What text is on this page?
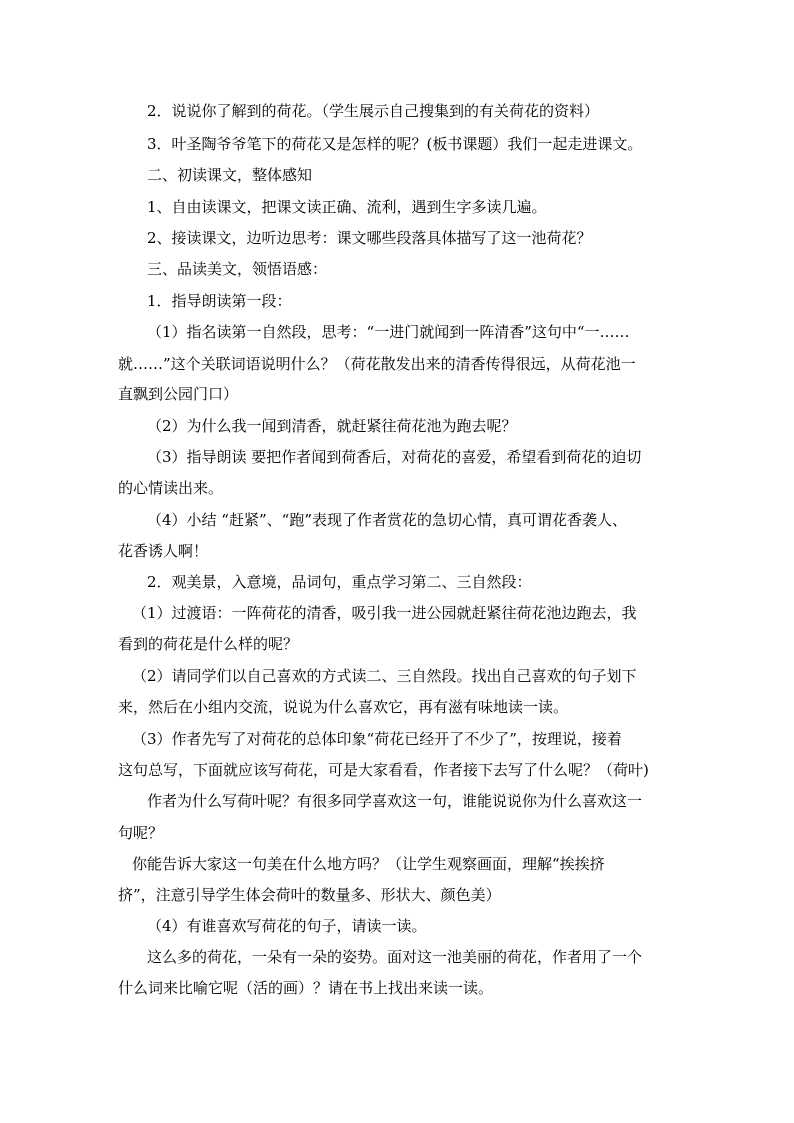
2．说说你了解到的荷花。（学生展示自己搜集到的有关荷花的资料）
3．叶圣陶爷爷笔下的荷花又是怎样的呢？(板书课题）我们一起走进课文。
二、初读课文，整体感知
1、自由读课文，把课文读正确、流利，遇到生字多读几遍。
2、接读课文，边听边思考：课文哪些段落具体描写了这一池荷花？
三、品读美文，领悟语感：
1．指导朗读第一段：
（1）指名读第一自然段，思考：“一进门就闻到一阵清香”这句中“一……
就……”这个关联词语说明什么？（荷花散发出来的清香传得很远，从荷花池一
直飘到公园门口）
（2）为什么我一闻到清香，就赶紧往荷花池为跑去呢？
（3）指导朗读 要把作者闻到荷香后，对荷花的喜爱，希望看到荷花的迫切
的心情读出来。
（4）小结 “赶紧”、“跑”表现了作者赏花的急切心情，真可谓花香袭人、
花香诱人啊！
2．观美景，入意境，品词句，重点学习第二、三自然段：
（1）过渡语：一阵荷花的清香，吸引我一进公园就赶紧往荷花池边跑去，我
看到的荷花是什么样的呢？
（2）请同学们以自己喜欢的方式读二、三自然段。找出自己喜欢的句子划下
来，然后在小组内交流，说说为什么喜欢它，再有滋有味地读一读。
（3）作者先写了对荷花的总体印象“荷花已经开了不少了”，按理说，接着
这句总写，下面就应该写荷花，可是大家看看，作者接下去写了什么呢？（荷叶)
作者为什么写荷叶呢？有很多同学喜欢这一句，谁能说说你为什么喜欢这一
句呢？
你能告诉大家这一句美在什么地方吗？（让学生观察画面，理解“挨挨挤
挤”，注意引导学生体会荷叶的数量多、形状大、颜色美）
（4）有谁喜欢写荷花的句子，请读一读。
这么多的荷花，一朵有一朵的姿势。面对这一池美丽的荷花，作者用了一个
什么词来比喻它呢（活的画）？请在书上找出来读一读。
